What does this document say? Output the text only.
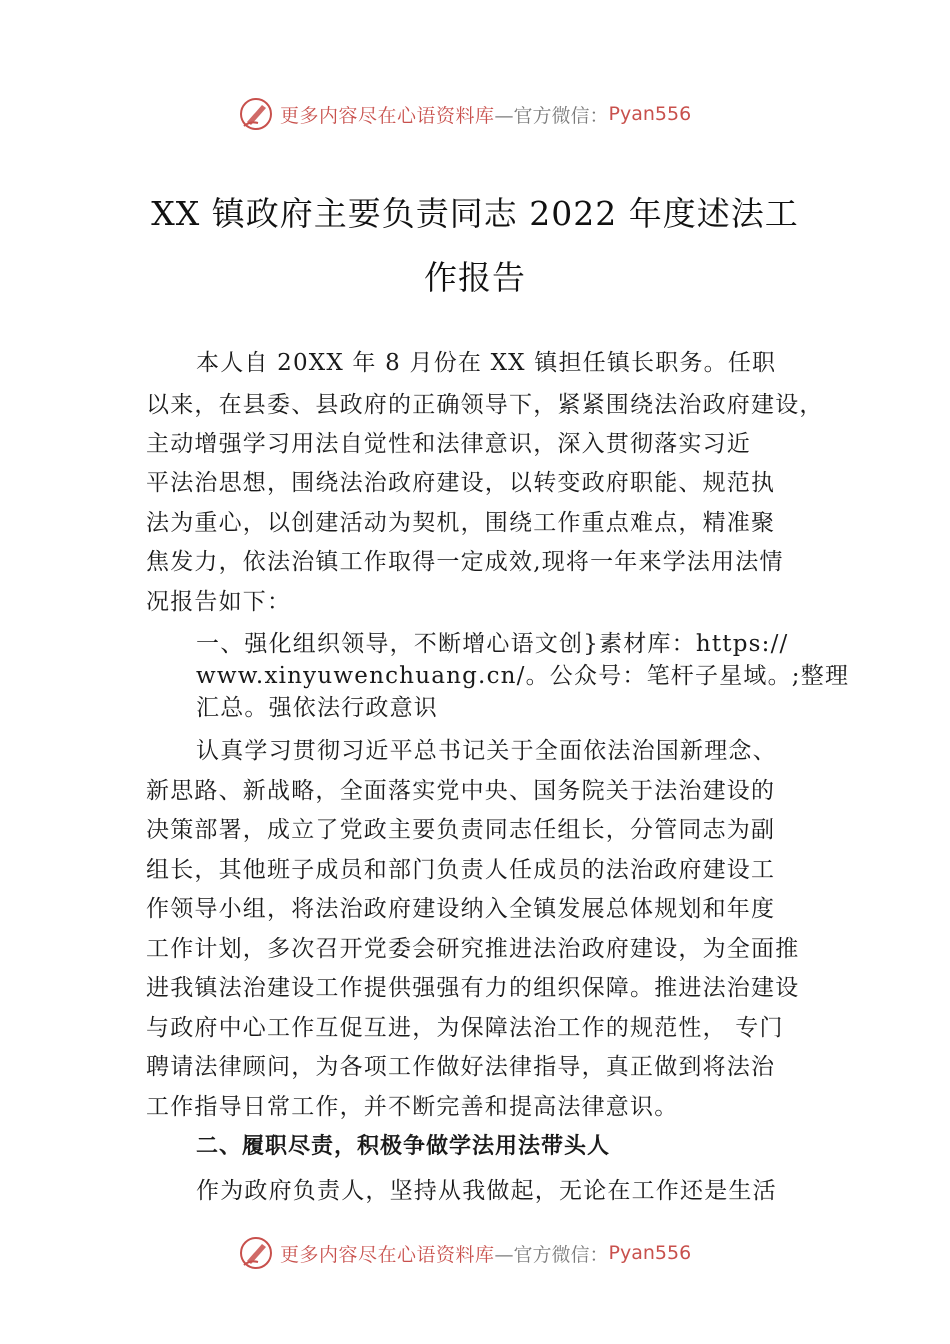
更多内容尽在心语资料库 —官方微信： Pyan556
XX 镇政府主要负责同志 2022 年度述法工
作报告
本人自 20XX 年 8 月份在 XX 镇担任镇长职务。任职
以来，在县委、县政府的正确领导下，紧紧围绕法治政府建设，
主动增强学习用法自觉性和法律意识，深入贯彻落实习近
平法治思想，围绕法治政府建设，以转变政府职能、规范执
法为重心，以创建活动为契机，围绕工作重点难点，精准聚
焦发力，依法治镇工作取得一定成效,现将一年来学法用法情
况报告如下：
一、强化组织领导，不断增心语文创}素材库：https://
www.xinyuwenchuang.cn/。公众号：笔杆子星域。;整理
汇总。强依法行政意识
认真学习贯彻习近平总书记关于全面依法治国新理念、
新思路、新战略，全面落实党中央、国务院关于法治建设的
决策部署，成立了党政主要负责同志任组长，分管同志为副
组长，其他班子成员和部门负责人任成员的法治政府建设工
作领导小组，将法治政府建设纳入全镇发展总体规划和年度
工作计划，多次召开党委会研究推进法治政府建设，为全面推
进我镇法治建设工作提供强强有力的组织保障。推进法治建设
与政府中心工作互促互进，为保障法治工作的规范性， 专门
聘请法律顾问，为各项工作做好法律指导，真正做到将法治
工作指导日常工作，并不断完善和提高法律意识。
二、履职尽责，积极争做学法用法带头人
作为政府负责人，坚持从我做起，无论在工作还是生活
更多内容尽在心语资料库 —官方微信： Pyan556
